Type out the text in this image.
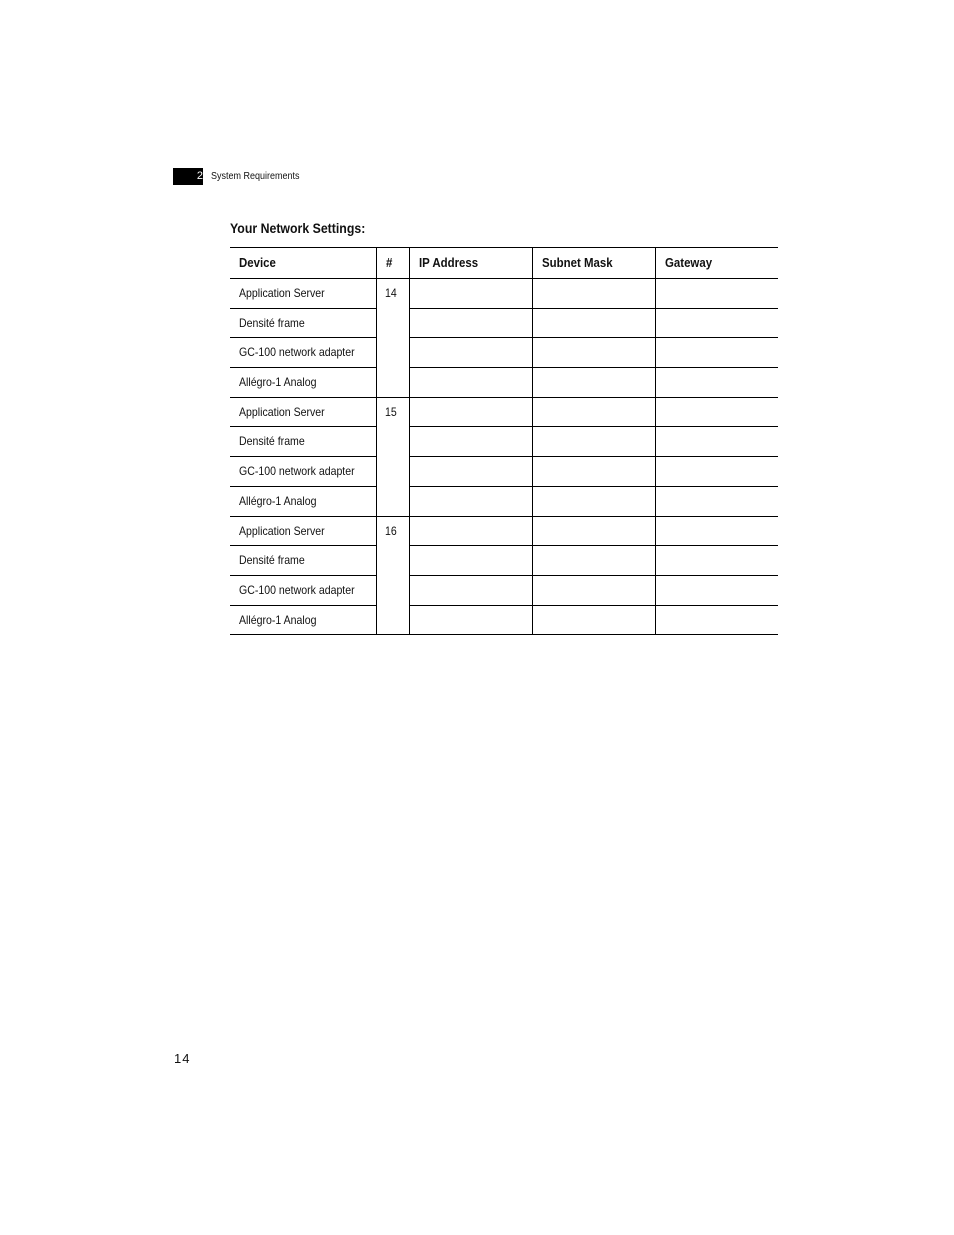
2 System Requirements
Your Network Settings:
Device	#	IP Address	Subnet Mask	Gateway
Application Server	14			
Densité frame				
GC-100 network adapter				
Allégro-1 Analog				
Application Server	15			
Densité frame				
GC-100 network adapter				
Allégro-1 Analog				
Application Server	16			
Densité frame				
GC-100 network adapter				
Allégro-1 Analog				
14
